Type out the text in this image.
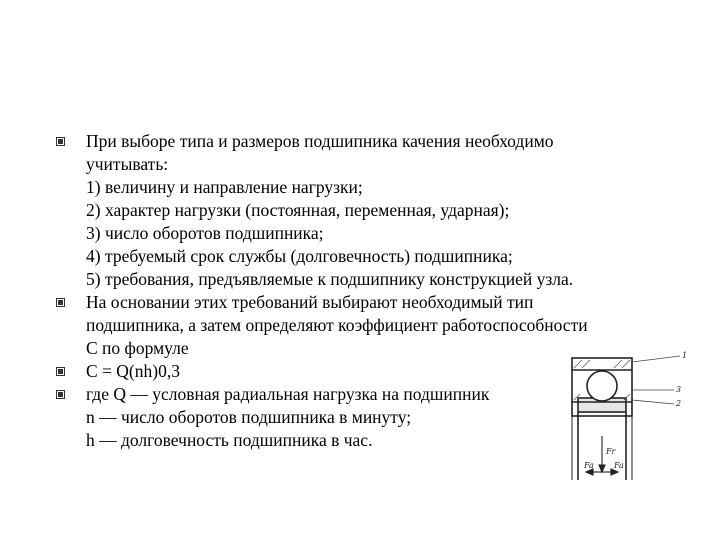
При выборе типа и размеров подшипника качения необходимо
учитывать:
1) величину и направление нагрузки;
2) характер нагрузки (постоянная, переменная, ударная);
3) число оборотов подшипника;
4) требуемый срок службы (долговечность) подшипника;
5) требования, предъявляемые к подшипнику конструкцией узла.
На основании этих требований выбирают необходимый тип
подшипника, а затем определяют коэффициент работоспособности
С по формуле
C = Q(nh)0,3
где Q — условная радиальная нагрузка на подшипник
n — число оборотов подшипника в минуту;
h — долговечность подшипника в час.
1
2
3
Fr
Fa	Fa
